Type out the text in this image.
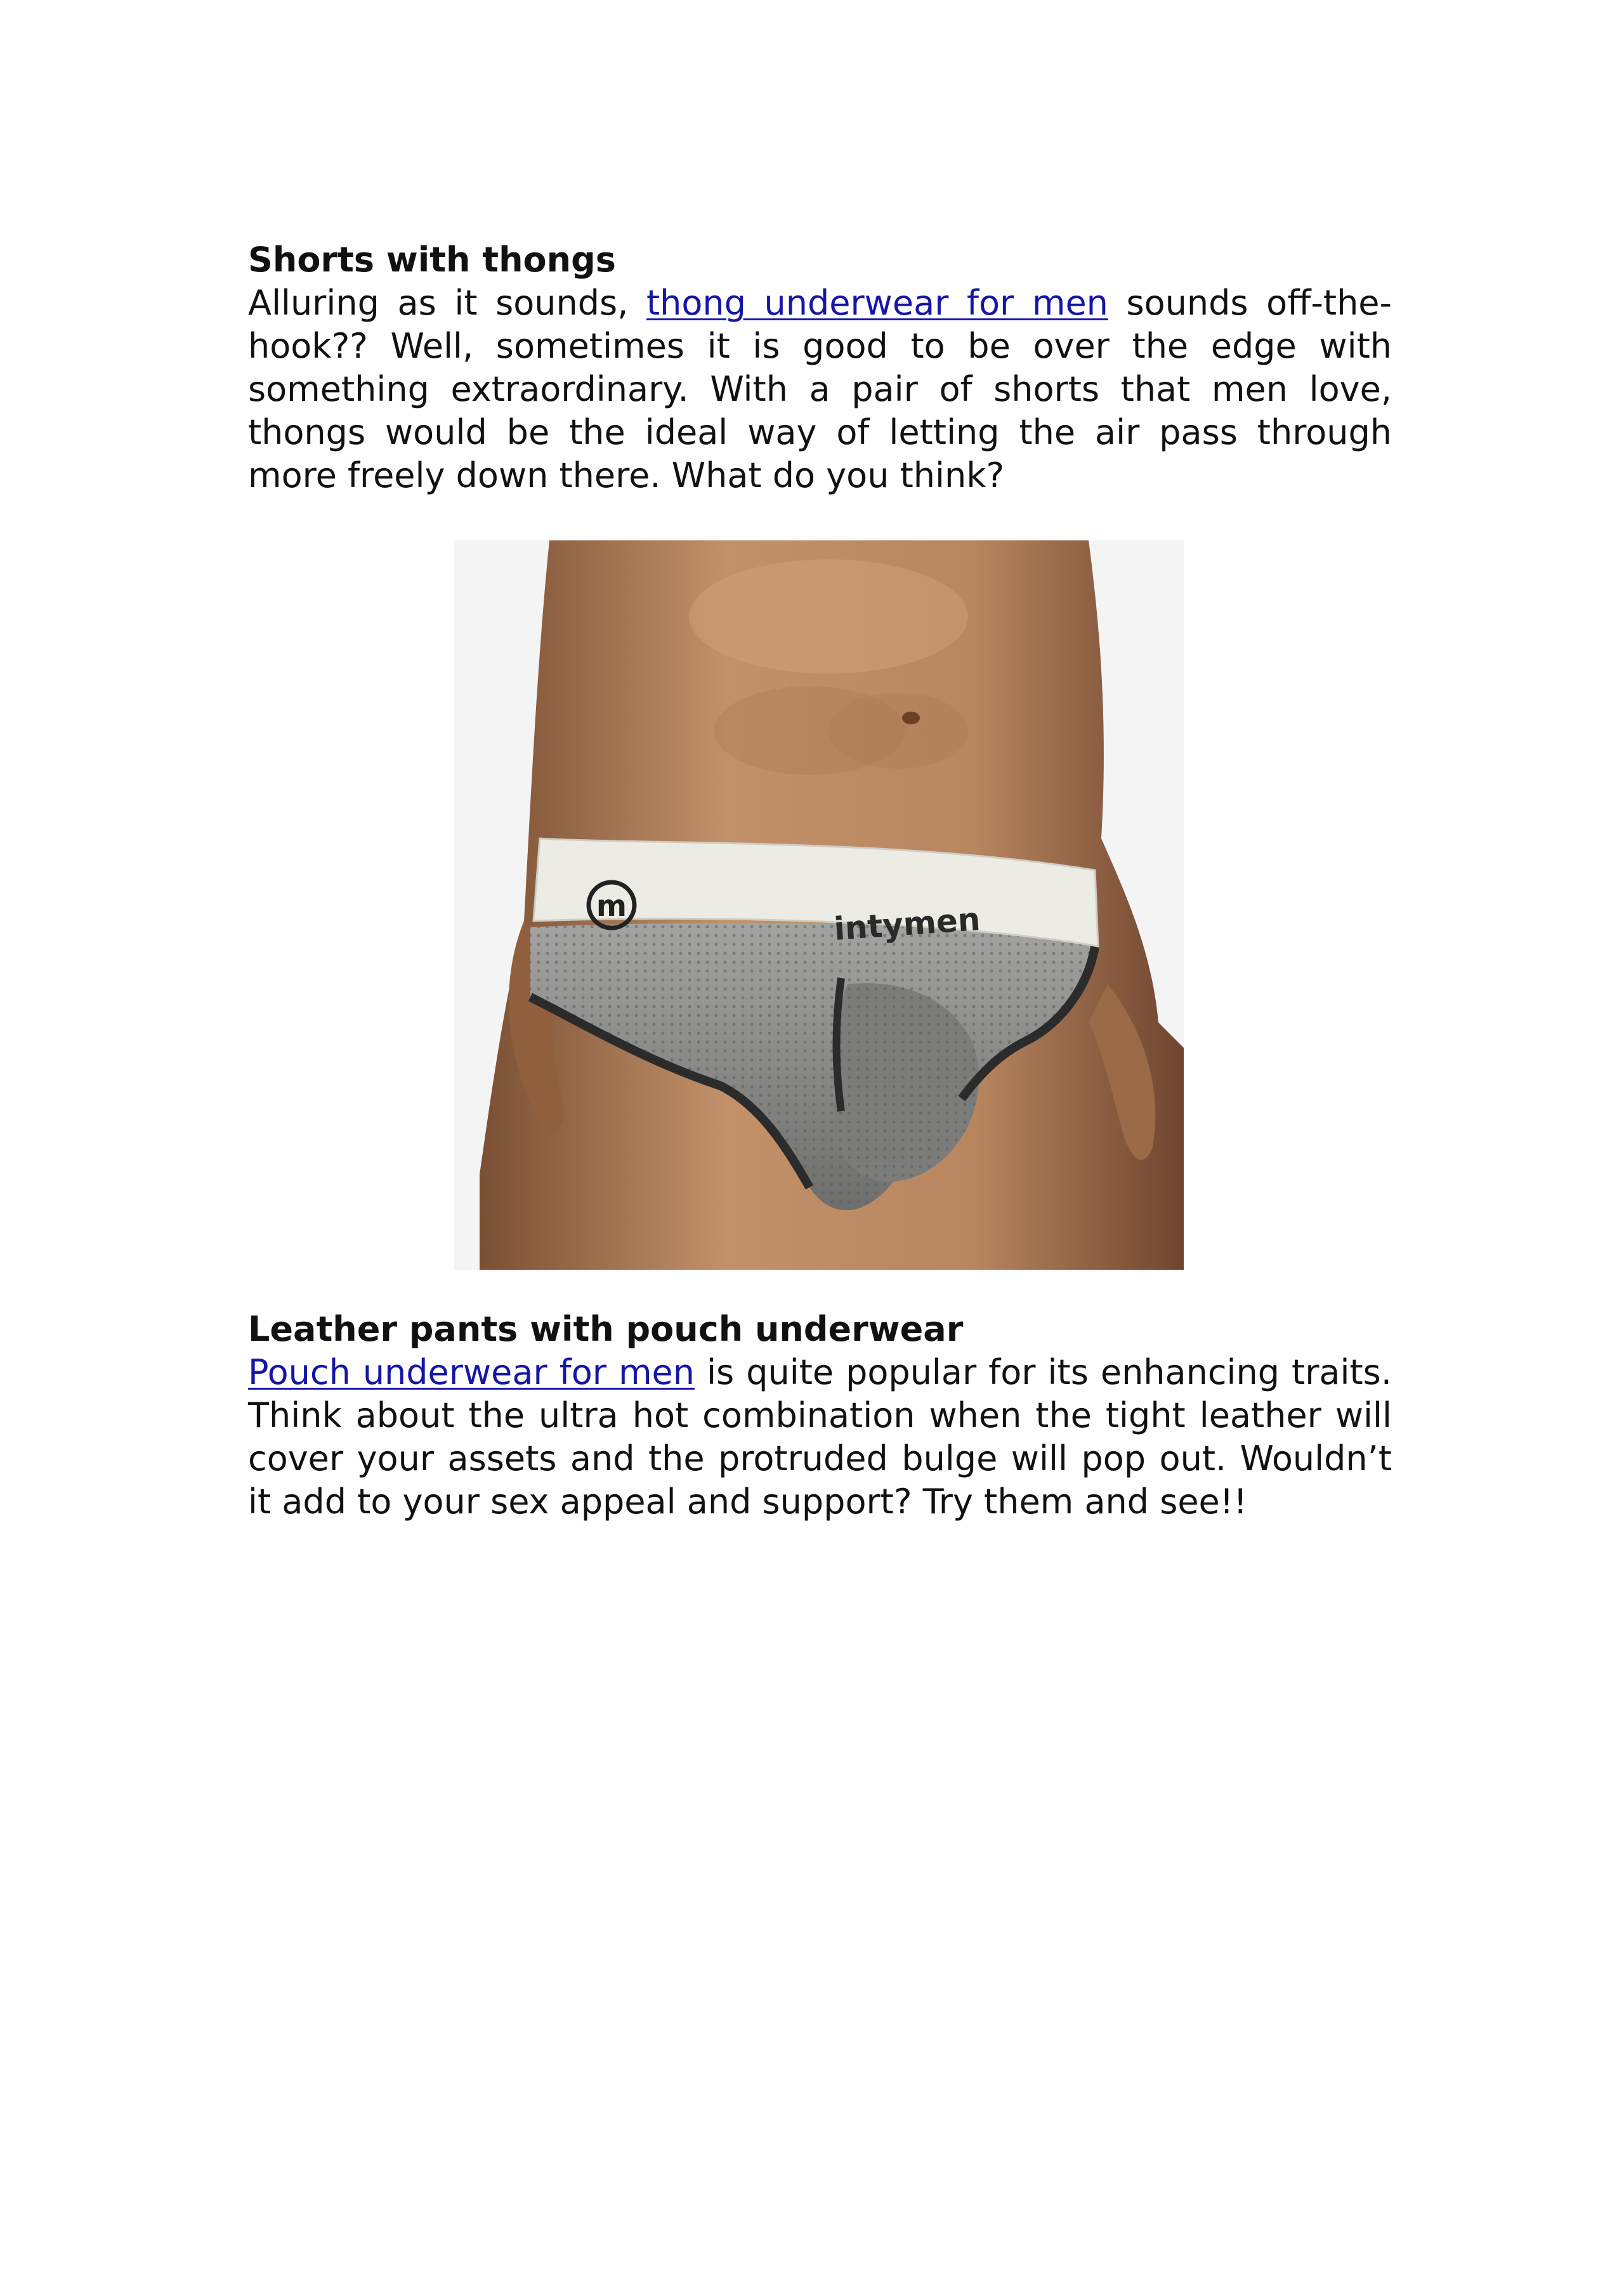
Shorts with thongs

Alluring as it sounds, thong underwear for men sounds off-the-hook?? Well, sometimes it is good to be over the edge with something extraordinary. With a pair of shorts that men love, thongs would be the ideal way of letting the air pass through more freely down there. What do you think?

m	intymen

Leather pants with pouch underwear

Pouch underwear for men is quite popular for its enhancing traits. Think about the ultra hot combination when the tight leather will cover your assets and the protruded bulge will pop out. Wouldn’t it add to your sex appeal and support? Try them and see!!
